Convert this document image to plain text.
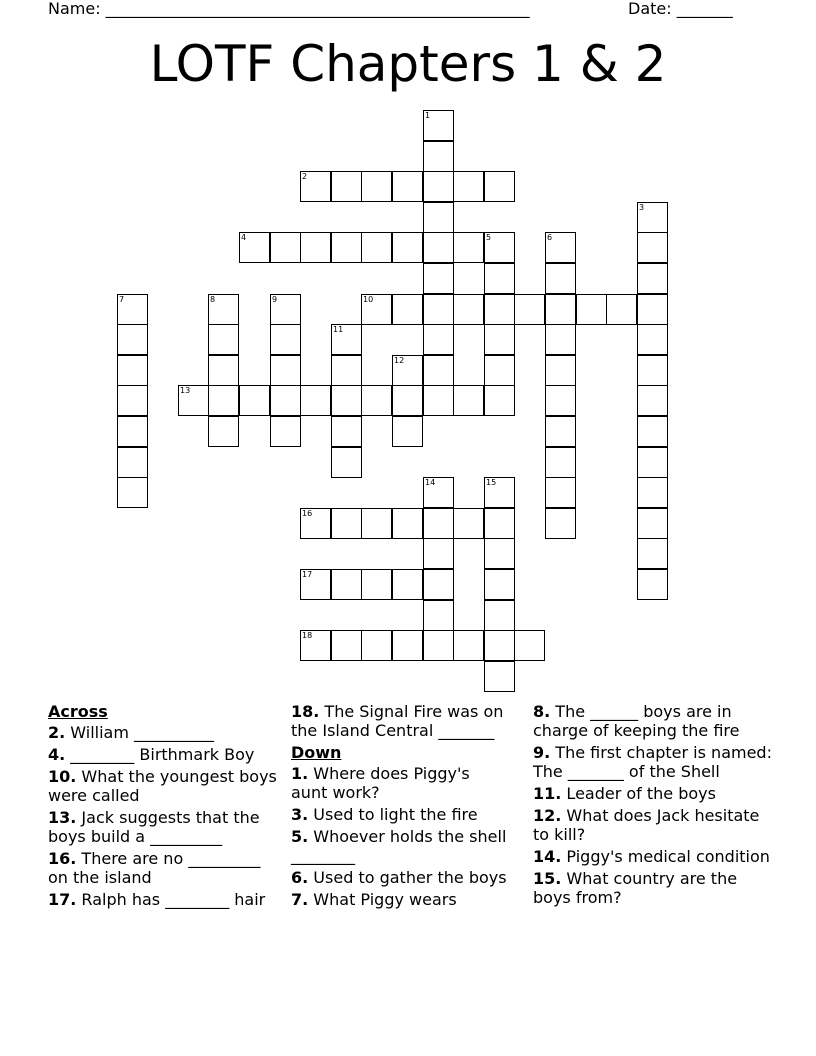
Name: _____________________________________________________	Date: _______
LOTF Chapters 1 & 2
1
2
3
4	5	6
7	8	9	10
11
12
13
14	15
16
17
18
Across
2. William __________
4. ________ Birthmark Boy
10. What the youngest boys were called
13. Jack suggests that the boys build a _________
16. There are no _________ on the island
17. Ralph has ________ hair
18. The Signal Fire was on the Island Central _______
Down
1. Where does Piggy's aunt work?
3. Used to light the fire
5. Whoever holds the shell ________
6. Used to gather the boys
7. What Piggy wears
8. The ______ boys are in charge of keeping the fire
9. The first chapter is named: The _______ of the Shell
11. Leader of the boys
12. What does Jack hesitate to kill?
14. Piggy's medical condition
15. What country are the boys from?
